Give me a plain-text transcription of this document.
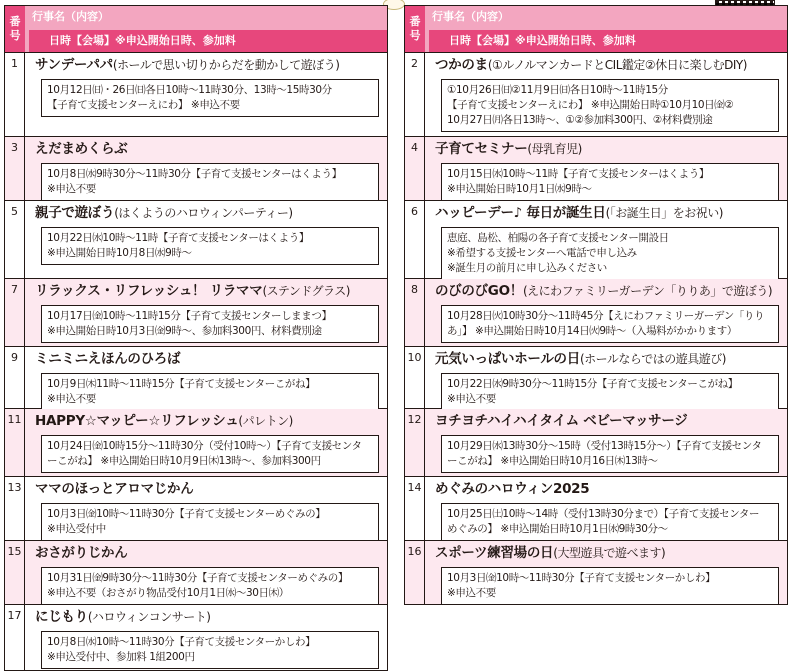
番
号
行事名（内容）
日時【会場】※申込開始日時、参加料
1	サンデーパパ(ホールで思い切りからだを動かして遊ぼう)
10月12日㈰・26日㈰各日10時～11時30分、13時～15時30分
【子育て支援センターえにわ】 ※申込不要
3	えだまめくらぶ
10月8日㈬9時30分～11時30分【子育て支援センターはくよう】
※申込不要
5	親子で遊ぼう(はくようのハロウィンパーティー)
10月22日㈬10時～11時【子育て支援センターはくよう】
※申込開始日時10月8日㈬9時～
7	リラックス・リフレッシュ！ リラママ(ステンドグラス)
10月17日㈮10時～11時15分【子育て支援センターしままつ】
※申込開始日時10月3日㈮9時～、参加料300円、材料費別途
9	ミニミニえほんのひろば
10月9日㈭11時～11時15分【子育て支援センターこがね】
※申込不要
11 HAPPY☆マッピー☆リフレッシュ(パレトン)
10月24日㈮10時15分～11時30分（受付10時～）【子育て支援センタ
ーこがね】 ※申込開始日時10月9日㈭13時～、参加料300円
13 ママのほっとアロマじかん
10月3日㈮10時～11時30分【子育て支援センターめぐみの】
※申込受付中
15 おさがりじかん
10月31日㈮9時30分～11時30分【子育て支援センターめぐみの】
※申込不要（おさがり物品受付10月1日㈬～30日㈭）
17 にじもり(ハロウィンコンサート)
10月8日㈬10時～11時30分【子育て支援センターかしわ】
※申込受付中、参加料 1組200円
番
号
行事名（内容）
日時【会場】※申込開始日時、参加料
2	つかのま(①ルノルマンカードとCIL鑑定②休日に楽しむDIY)
①10月26日㈰②11月9日㈰各日10時～11時15分
【子育て支援センターえにわ】 ※申込開始日時①10月10日㈮②
10月27日㈪各日13時～、①②参加料300円、②材料費別途
4	子育てセミナー(母乳育児)
10月15日㈬10時～11時【子育て支援センターはくよう】
※申込開始日時10月1日㈬9時～
6	ハッピーデー♪ 毎日が誕生日(「お誕生日」をお祝い)
恵庭、島松、柏陽の各子育て支援センター開設日
※希望する支援センターへ電話で申し込み
※誕生月の前月に申し込みください
8	のびのびGO！(えにわファミリーガーデン「りりあ」で遊ぼう)
10月28日㈫10時30分～11時45分【えにわファミリーガーデン「りり
あ」】 ※申込開始日時10月14日㈫9時～（入場料がかかります）
10 元気いっぱいホールの日(ホールならではの遊具遊び)
10月22日㈬9時30分～11時15分【子育て支援センターこがね】
※申込不要
12 ヨチヨチハイハイタイム ベビーマッサージ
10月29日㈬13時30分～15時（受付13時15分～）【子育て支援センタ
ーこがね】 ※申込開始日時10月16日㈭13時～
14 めぐみのハロウィン2025
10月25日㈯10時～14時（受付13時30分まで）【子育て支援センター
めぐみの】 ※申込開始日時10月1日㈬9時30分～
16 スポーツ練習場の日(大型遊具で遊べます)
10月3日㈮10時～11時30分【子育て支援センターかしわ】
※申込不要
